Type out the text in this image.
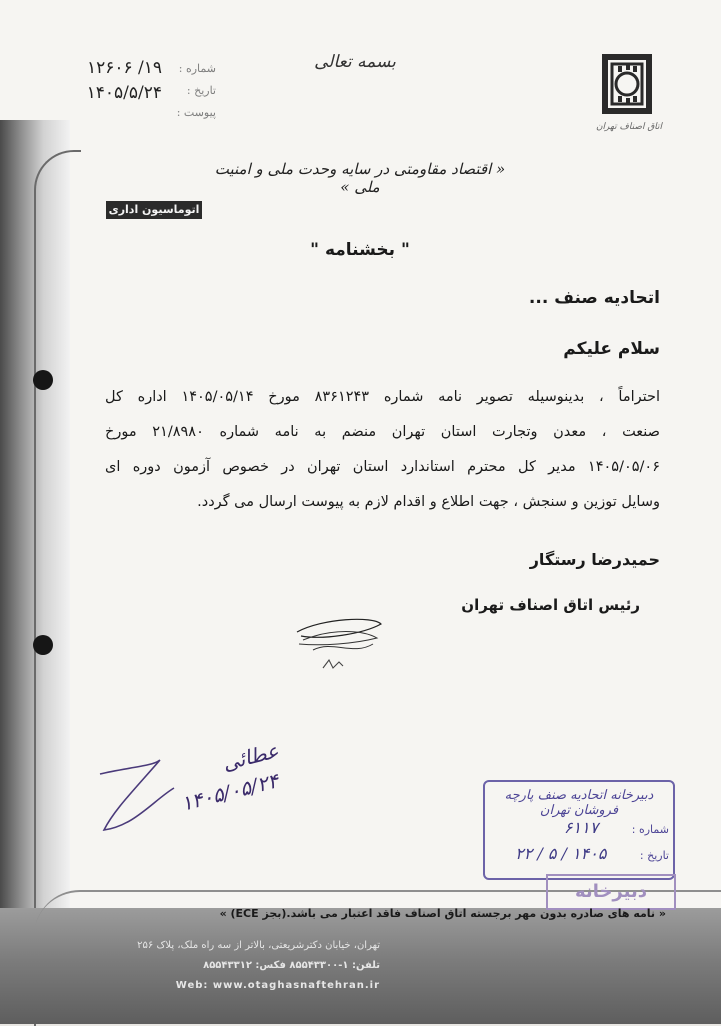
شماره :
تاریخ :
پیوست :
۱۹/ ۱۲۶۰۶
۱۴۰۵/۵/۲۴
بسمه تعالی
اتاق اصناف تهران
« اقتصاد مقاومتی در سایه وحدت ملی و امنیت ملی »
اتوماسیون اداری
" بخشنامه "
اتحادیه صنف ...
سلام علیکم
احتراماً ، بدینوسیله تصویر نامه شماره ۸۳۶۱۲۴۳ مورخ ۱۴۰۵/۰۵/۱۴ اداره کل
صنعت ، معدن وتجارت استان تهران منضم به نامه شماره ۲۱/۸۹۸۰ مورخ
۱۴۰۵/۰۵/۰۶ مدیر کل محترم استاندارد استان تهران در خصوص آزمون دوره ای
وسایل توزین و سنجش ، جهت اطلاع و اقدام لازم به پیوست ارسال می گردد.
حمیدرضا رستگار
رئیس اتاق اصناف تهران
عطائی
۱۴۰۵/۰۵/۲۴	دبیرخانه اتحادیه صنف پارچه فروشان تهران
شماره : ۶۱۱۷
تاریخ : ۱۴۰۵ / ۵ / ۲۲
دبیرخانه
« نامه های صادره بدون مهر برجسته اتاق اصناف فاقد اعتبار می باشد.(بجز ECE) »
تهران، خیابان دکترشریعتی، بالاتر از سه راه ملک، پلاک ۲۵۶
تلفن: ۱-۸۵۵۴۳۳۰۰ فکس: ۸۵۵۴۳۳۱۲
Web: www.otaghasnaftehran.ir
